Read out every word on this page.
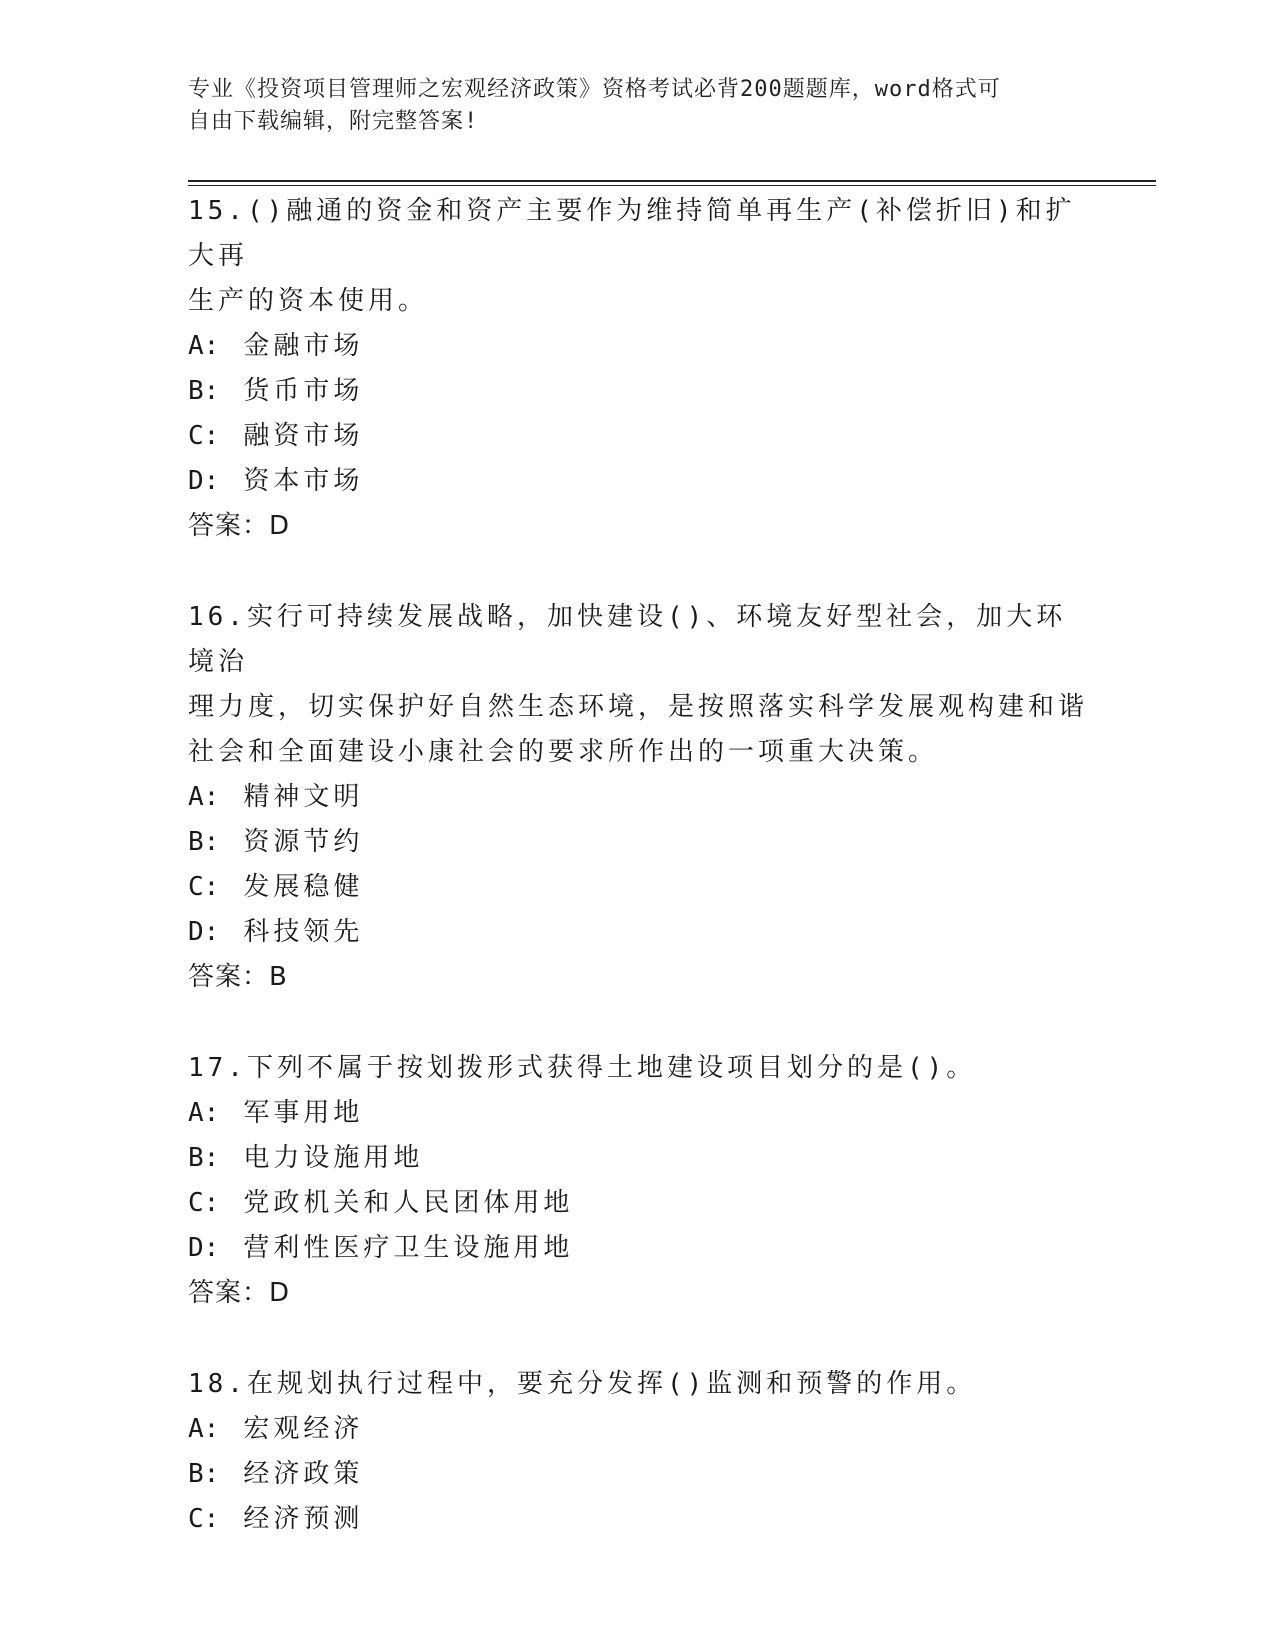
专业《投资项目管理师之宏观经济政策》资格考试必背200题题库，word格式可
自由下载编辑，附完整答案!
15.()融通的资金和资产主要作为维持简单再生产(补偿折旧)和扩大再
生产的资本使用。
A: 金融市场
B: 货币市场
C: 融资市场
D: 资本市场
答案：D
16.实行可持续发展战略，加快建设()、环境友好型社会，加大环境治
理力度，切实保护好自然生态环境，是按照落实科学发展观构建和谐
社会和全面建设小康社会的要求所作出的一项重大决策。
A: 精神文明
B: 资源节约
C: 发展稳健
D: 科技领先
答案：B
17.下列不属于按划拨形式获得土地建设项目划分的是()。
A: 军事用地
B: 电力设施用地
C: 党政机关和人民团体用地
D: 营利性医疗卫生设施用地
答案：D
18.在规划执行过程中，要充分发挥()监测和预警的作用。
A: 宏观经济
B: 经济政策
C: 经济预测
